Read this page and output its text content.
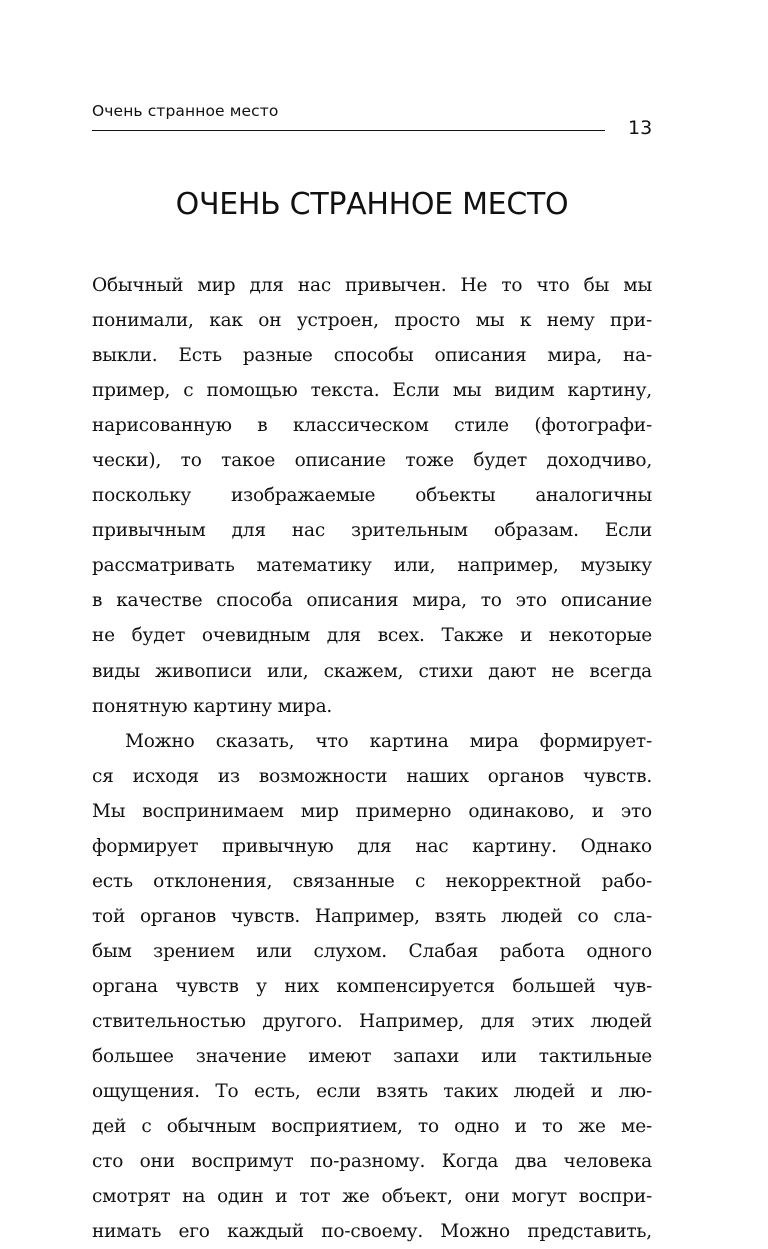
Очень странное место
13
ОЧЕНЬ СТРАННОЕ МЕСТО
Обычный мир для нас привычен. Не то что бы мы
понимали, как он устроен, просто мы к нему при-
выкли. Есть разные способы описания мира, на-
пример, с помощью текста. Если мы видим картину,
нарисованную в классическом стиле (фотографи-
чески), то такое описание тоже будет доходчиво,
поскольку изображаемые объекты аналогичны
привычным для нас зрительным образам. Если
рассматривать математику или, например, музыку
в качестве способа описания мира, то это описание
не будет очевидным для всех. Также и некоторые
виды живописи или, скажем, стихи дают не всегда
понятную картину мира.
Можно сказать, что картина мира формирует-
ся исходя из возможности наших органов чувств.
Мы воспринимаем мир примерно одинаково, и это
формирует привычную для нас картину. Однако
есть отклонения, связанные с некорректной рабо-
той органов чувств. Например, взять людей со сла-
бым зрением или слухом. Слабая работа одного
органа чувств у них компенсируется большей чув-
ствительностью другого. Например, для этих людей
большее значение имеют запахи или тактильные
ощущения. То есть, если взять таких людей и лю-
дей с обычным восприятием, то одно и то же ме-
сто они воспримут по-разному. Когда два человека
смотрят на один и тот же объект, они могут воспри-
нимать его каждый по-своему. Можно представить,
